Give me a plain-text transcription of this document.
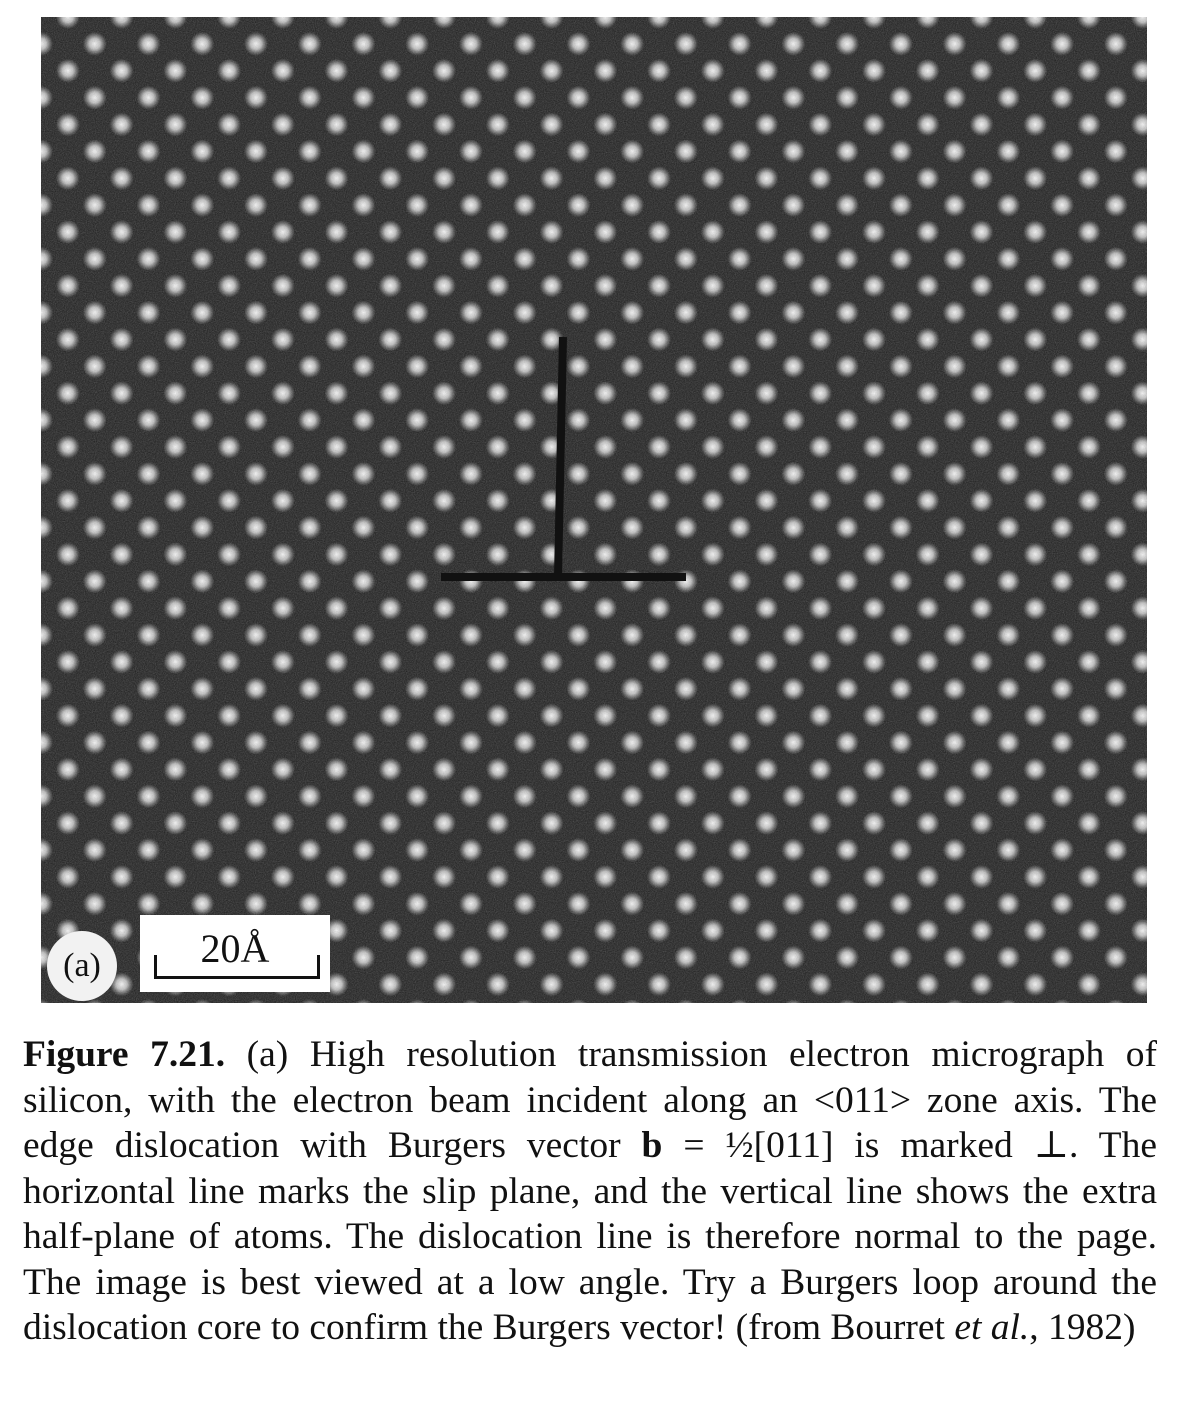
(a)	20Å
Figure 7.21. (a) High resolution transmission electron micrograph of silicon, with the electron beam incident along an <011> zone axis. The edge dislocation with Burgers vector b = ½[011] is marked ⊥. The horizontal line marks the slip plane, and the vertical line shows the extra half-plane of atoms. The dislocation line is therefore normal to the page. The image is best viewed at a low angle. Try a Burgers loop around the dislocation core to confirm the Burgers vector! (from Bourret et al., 1982)
